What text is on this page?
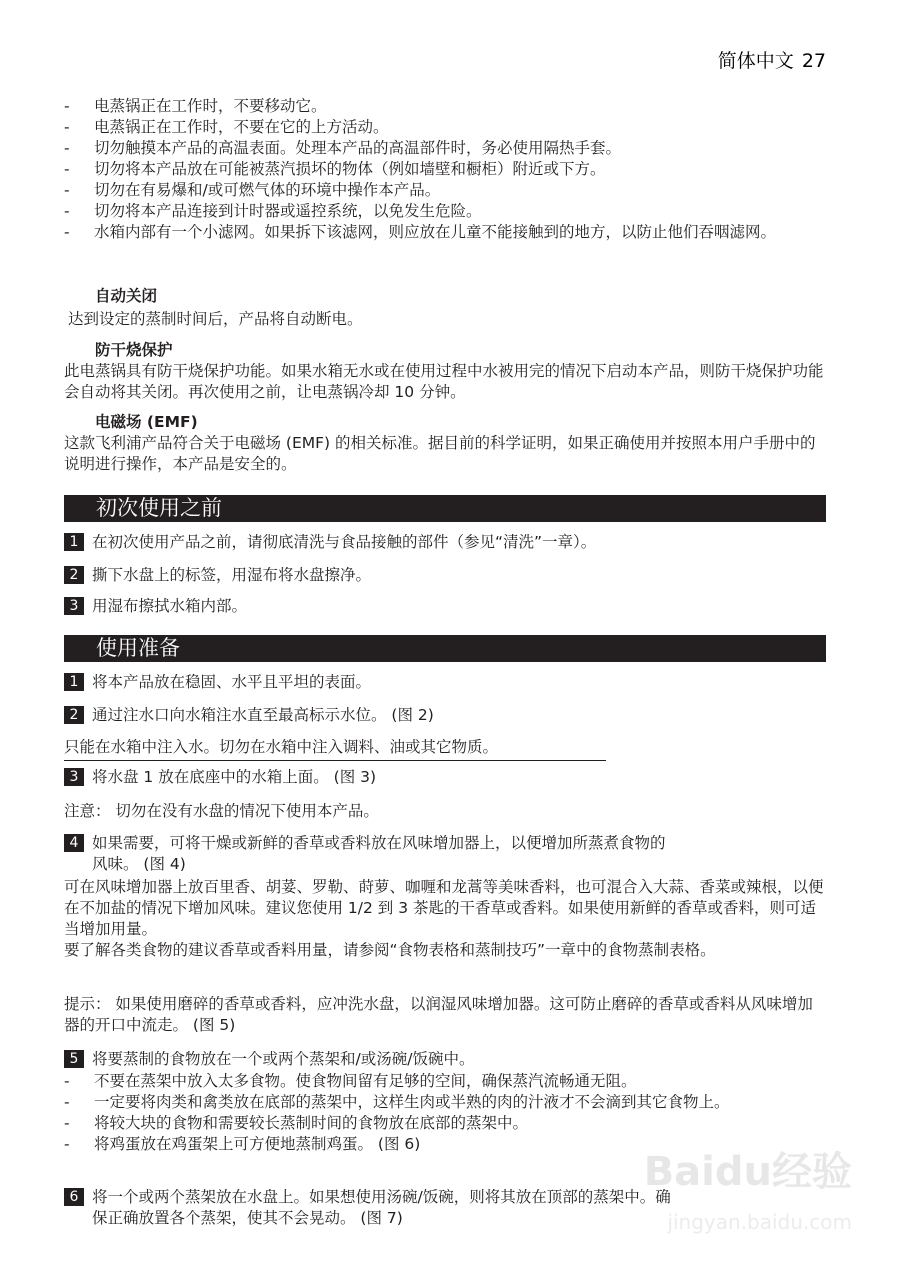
简体中文 27
-	电蒸锅正在工作时，不要移动它。
-	电蒸锅正在工作时，不要在它的上方活动。
-	切勿触摸本产品的高温表面。处理本产品的高温部件时，务必使用隔热手套。
-	切勿将本产品放在可能被蒸汽损坏的物体（例如墙壁和橱柜）附近或下方。
-	切勿在有易爆和/或可燃气体的环境中操作本产品。
-	切勿将本产品连接到计时器或遥控系统，以免发生危险。
-	水箱内部有一个小滤网。如果拆下该滤网，则应放在儿童不能接触到的地方，以防止他们吞咽滤网。
自动关闭
达到设定的蒸制时间后，产品将自动断电。
防干烧保护
此电蒸锅具有防干烧保护功能。如果水箱无水或在使用过程中水被用完的情况下启动本产品，则防干烧保护功能会自动将其关闭。再次使用之前，让电蒸锅冷却 10 分钟。
电磁场 (EMF)
这款飞利浦产品符合关于电磁场 (EMF) 的相关标准。据目前的科学证明，如果正确使用并按照本用户手册中的说明进行操作，本产品是安全的。
初次使用之前
1 在初次使用产品之前，请彻底清洗与食品接触的部件（参见“清洗”一章）。
2 撕下水盘上的标签，用湿布将水盘擦净。
3 用湿布擦拭水箱内部。
使用准备
1 将本产品放在稳固、水平且平坦的表面。
2 通过注水口向水箱注水直至最高标示水位。 (图 2)
只能在水箱中注入水。切勿在水箱中注入调料、油或其它物质。
3 将水盘 1 放在底座中的水箱上面。 (图 3)
注意： 切勿在没有水盘的情况下使用本产品。
4 如果需要，可将干燥或新鲜的香草或香料放在风味增加器上，以便增加所蒸煮食物的
风味。 (图 4)
可在风味增加器上放百里香、胡荽、罗勒、莳萝、咖喱和龙蒿等美味香料，也可混合入大蒜、香菜或辣根，以便在不加盐的情况下增加风味。建议您使用 1/2 到 3 茶匙的干香草或香料。如果使用新鲜的香草或香料，则可适当增加用量。
要了解各类食物的建议香草或香料用量，请参阅“食物表格和蒸制技巧”一章中的食物蒸制表格。
提示： 如果使用磨碎的香草或香料，应冲洗水盘，以润湿风味增加器。这可防止磨碎的香草或香料从风味增加器的开口中流走。 (图 5)
5 将要蒸制的食物放在一个或两个蒸架和/或汤碗/饭碗中。
-	不要在蒸架中放入太多食物。使食物间留有足够的空间，确保蒸汽流畅通无阻。
-	一定要将肉类和禽类放在底部的蒸架中，这样生肉或半熟的肉的汁液才不会滴到其它食物上。
-	将较大块的食物和需要较长蒸制时间的食物放在底部的蒸架中。
-	将鸡蛋放在鸡蛋架上可方便地蒸制鸡蛋。 (图 6)
6 将一个或两个蒸架放在水盘上。如果想使用汤碗/饭碗，则将其放在顶部的蒸架中。确
保正确放置各个蒸架，使其不会晃动。 (图 7)
Baidu经验
jingyan.baidu.com
